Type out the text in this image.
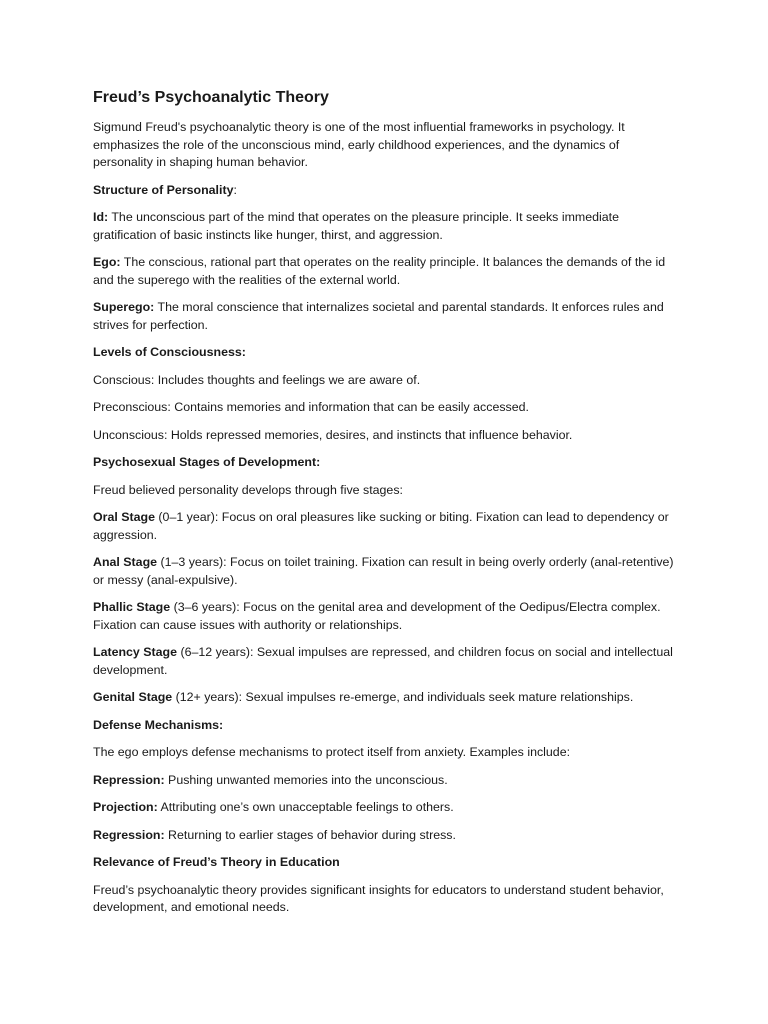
Freud’s Psychoanalytic Theory

Sigmund Freud's psychoanalytic theory is one of the most influential frameworks in psychology. It emphasizes the role of the unconscious mind, early childhood experiences, and the dynamics of personality in shaping human behavior.

Structure of Personality:

Id: The unconscious part of the mind that operates on the pleasure principle. It seeks immediate gratification of basic instincts like hunger, thirst, and aggression.

Ego: The conscious, rational part that operates on the reality principle. It balances the demands of the id and the superego with the realities of the external world.

Superego: The moral conscience that internalizes societal and parental standards. It enforces rules and strives for perfection.

Levels of Consciousness:

Conscious: Includes thoughts and feelings we are aware of.

Preconscious: Contains memories and information that can be easily accessed.

Unconscious: Holds repressed memories, desires, and instincts that influence behavior.

Psychosexual Stages of Development:

Freud believed personality develops through five stages:

Oral Stage (0–1 year): Focus on oral pleasures like sucking or biting. Fixation can lead to dependency or aggression.

Anal Stage (1–3 years): Focus on toilet training. Fixation can result in being overly orderly (anal-retentive) or messy (anal-expulsive).

Phallic Stage (3–6 years): Focus on the genital area and development of the Oedipus/Electra complex. Fixation can cause issues with authority or relationships.

Latency Stage (6–12 years): Sexual impulses are repressed, and children focus on social and intellectual development.

Genital Stage (12+ years): Sexual impulses re-emerge, and individuals seek mature relationships.

Defense Mechanisms:

The ego employs defense mechanisms to protect itself from anxiety. Examples include:

Repression: Pushing unwanted memories into the unconscious.

Projection: Attributing one’s own unacceptable feelings to others.

Regression: Returning to earlier stages of behavior during stress.

Relevance of Freud’s Theory in Education

Freud’s psychoanalytic theory provides significant insights for educators to understand student behavior, development, and emotional needs.
